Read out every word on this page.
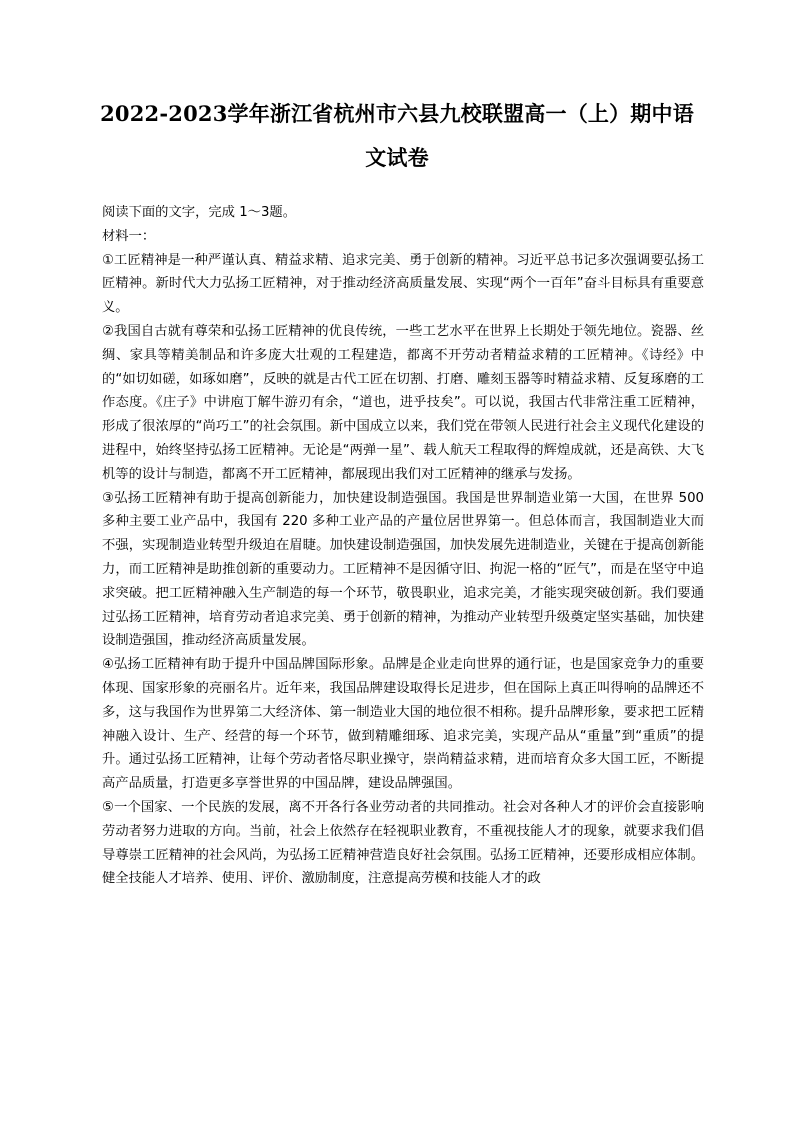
2022-2023学年浙江省杭州市六县九校联盟高一（上）期中语文试卷

阅读下面的文字，完成 1～3题。

材料一：

①工匠精神是一种严谨认真、精益求精、追求完美、勇于创新的精神。习近平总书记多次强调要弘扬工匠精神。新时代大力弘扬工匠精神，对于推动经济高质量发展、实现“两个一百年”奋斗目标具有重要意义。

②我国自古就有尊荣和弘扬工匠精神的优良传统，一些工艺水平在世界上长期处于领先地位。瓷器、丝绸、家具等精美制品和许多庞大壮观的工程建造，都离不开劳动者精益求精的工匠精神。《诗经》中的“如切如磋，如琢如磨”，反映的就是古代工匠在切割、打磨、雕刻玉器等时精益求精、反复琢磨的工作态度。《庄子》中讲庖丁解牛游刃有余，“道也，进乎技矣”。可以说，我国古代非常注重工匠精神，形成了很浓厚的“尚巧工”的社会氛围。新中国成立以来，我们党在带领人民进行社会主义现代化建设的进程中，始终坚持弘扬工匠精神。无论是“两弹一星”、载人航天工程取得的辉煌成就，还是高铁、大飞机等的设计与制造，都离不开工匠精神，都展现出我们对工匠精神的继承与发扬。

③弘扬工匠精神有助于提高创新能力，加快建设制造强国。我国是世界制造业第一大国，在世界 500 多种主要工业产品中，我国有 220 多种工业产品的产量位居世界第一。但总体而言，我国制造业大而不强，实现制造业转型升级迫在眉睫。加快建设制造强国，加快发展先进制造业，关键在于提高创新能力，而工匠精神是助推创新的重要动力。工匠精神不是因循守旧、拘泥一格的“匠气”，而是在坚守中追求突破。把工匠精神融入生产制造的每一个环节，敬畏职业，追求完美，才能实现突破创新。我们要通过弘扬工匠精神，培育劳动者追求完美、勇于创新的精神，为推动产业转型升级奠定坚实基础，加快建设制造强国，推动经济高质量发展。

④弘扬工匠精神有助于提升中国品牌国际形象。品牌是企业走向世界的通行证，也是国家竞争力的重要体现、国家形象的亮丽名片。近年来，我国品牌建设取得长足进步，但在国际上真正叫得响的品牌还不多，这与我国作为世界第二大经济体、第一制造业大国的地位很不相称。提升品牌形象，要求把工匠精神融入设计、生产、经营的每一个环节，做到精雕细琢、追求完美，实现产品从“重量”到“重质”的提升。通过弘扬工匠精神，让每个劳动者恪尽职业操守，崇尚精益求精，进而培育众多大国工匠，不断提高产品质量，打造更多享誉世界的中国品牌，建设品牌强国。

⑤一个国家、一个民族的发展，离不开各行各业劳动者的共同推动。社会对各种人才的评价会直接影响劳动者努力进取的方向。当前，社会上依然存在轻视职业教育，不重视技能人才的现象，就要求我们倡导尊崇工匠精神的社会风尚，为弘扬工匠精神营造良好社会氛围。弘扬工匠精神，还要形成相应体制。健全技能人才培养、使用、评价、激励制度，注意提高劳模和技能人才的政
